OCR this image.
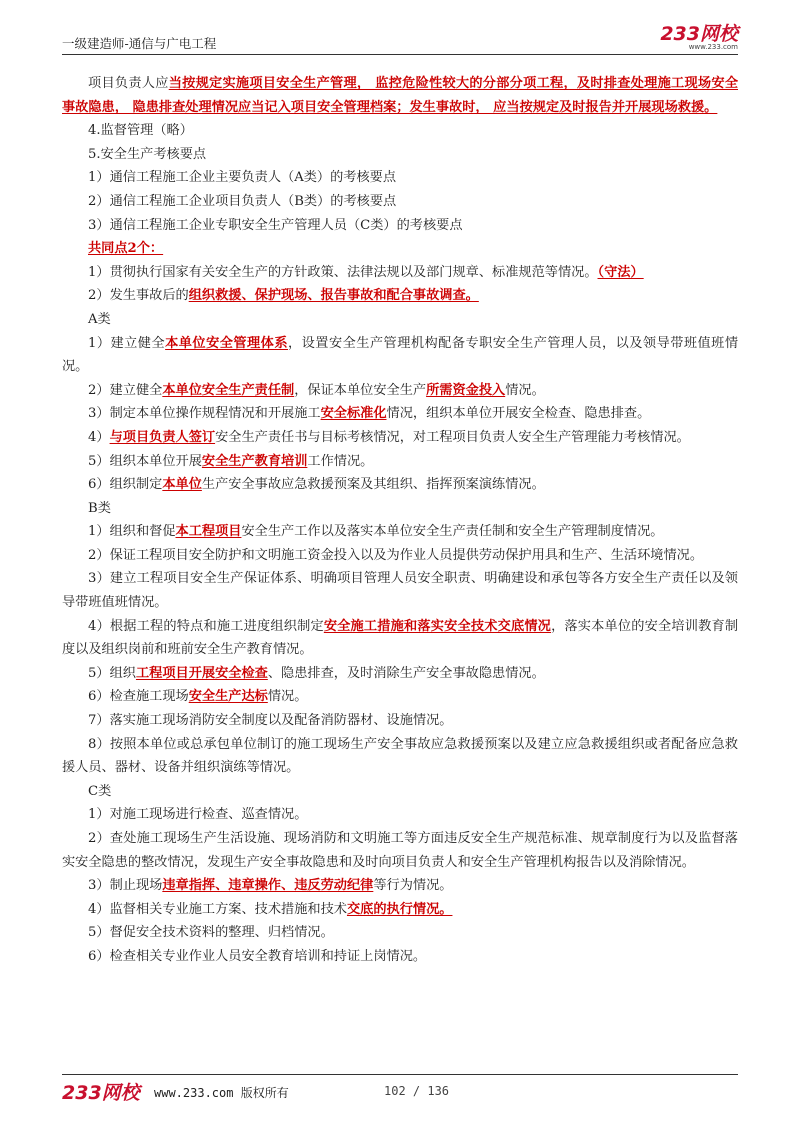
一级建造师-通信与广电工程	233网校
www.233.com

项目负责人应当按规定实施项目安全生产管理， 监控危险性较大的分部分项工程，及时排查处理施工现场安全事故隐患， 隐患排查处理情况应当记入项目安全管理档案；发生事故时， 应当按规定及时报告并开展现场救援。

4.监督管理（略）

5.安全生产考核要点

1）通信工程施工企业主要负责人（A类）的考核要点

2）通信工程施工企业项目负责人（B类）的考核要点

3）通信工程施工企业专职安全生产管理人员（C类）的考核要点

共同点2个：

1）贯彻执行国家有关安全生产的方针政策、法律法规以及部门规章、标准规范等情况。（守法）

2）发生事故后的组织救援、保护现场、报告事故和配合事故调查。

A类

1）建立健全本单位安全管理体系，设置安全生产管理机构配备专职安全生产管理人员，以及领导带班值班情况。

2）建立健全本单位安全生产责任制，保证本单位安全生产所需资金投入情况。

3）制定本单位操作规程情况和开展施工安全标准化情况，组织本单位开展安全检查、隐患排查。

4）与项目负责人签订安全生产责任书与目标考核情况，对工程项目负责人安全生产管理能力考核情况。

5）组织本单位开展安全生产教育培训工作情况。

6）组织制定本单位生产安全事故应急救援预案及其组织、指挥预案演练情况。

B类

1）组织和督促本工程项目安全生产工作以及落实本单位安全生产责任制和安全生产管理制度情况。

2）保证工程项目安全防护和文明施工资金投入以及为作业人员提供劳动保护用具和生产、生活环境情况。

3）建立工程项目安全生产保证体系、明确项目管理人员安全职责、明确建设和承包等各方安全生产责任以及领导带班值班情况。

4）根据工程的特点和施工进度组织制定安全施工措施和落实安全技术交底情况，落实本单位的安全培训教育制度以及组织岗前和班前安全生产教育情况。

5）组织工程项目开展安全检查、隐患排查，及时消除生产安全事故隐患情况。

6）检查施工现场安全生产达标情况。

7）落实施工现场消防安全制度以及配备消防器材、设施情况。

8）按照本单位或总承包单位制订的施工现场生产安全事故应急救援预案以及建立应急救援组织或者配备应急救援人员、器材、设备并组织演练等情况。

C类

1）对施工现场进行检查、巡查情况。

2）查处施工现场生产生活设施、现场消防和文明施工等方面违反安全生产规范标准、规章制度行为以及监督落实安全隐患的整改情况，发现生产安全事故隐患和及时向项目负责人和安全生产管理机构报告以及消除情况。

3）制止现场违章指挥、违章操作、违反劳动纪律等行为情况。

4）监督相关专业施工方案、技术措施和技术交底的执行情况。

5）督促安全技术资料的整理、归档情况。

6）检查相关专业作业人员安全教育培训和持证上岗情况。

233网校 www.233.com 版权所有	102 / 136
